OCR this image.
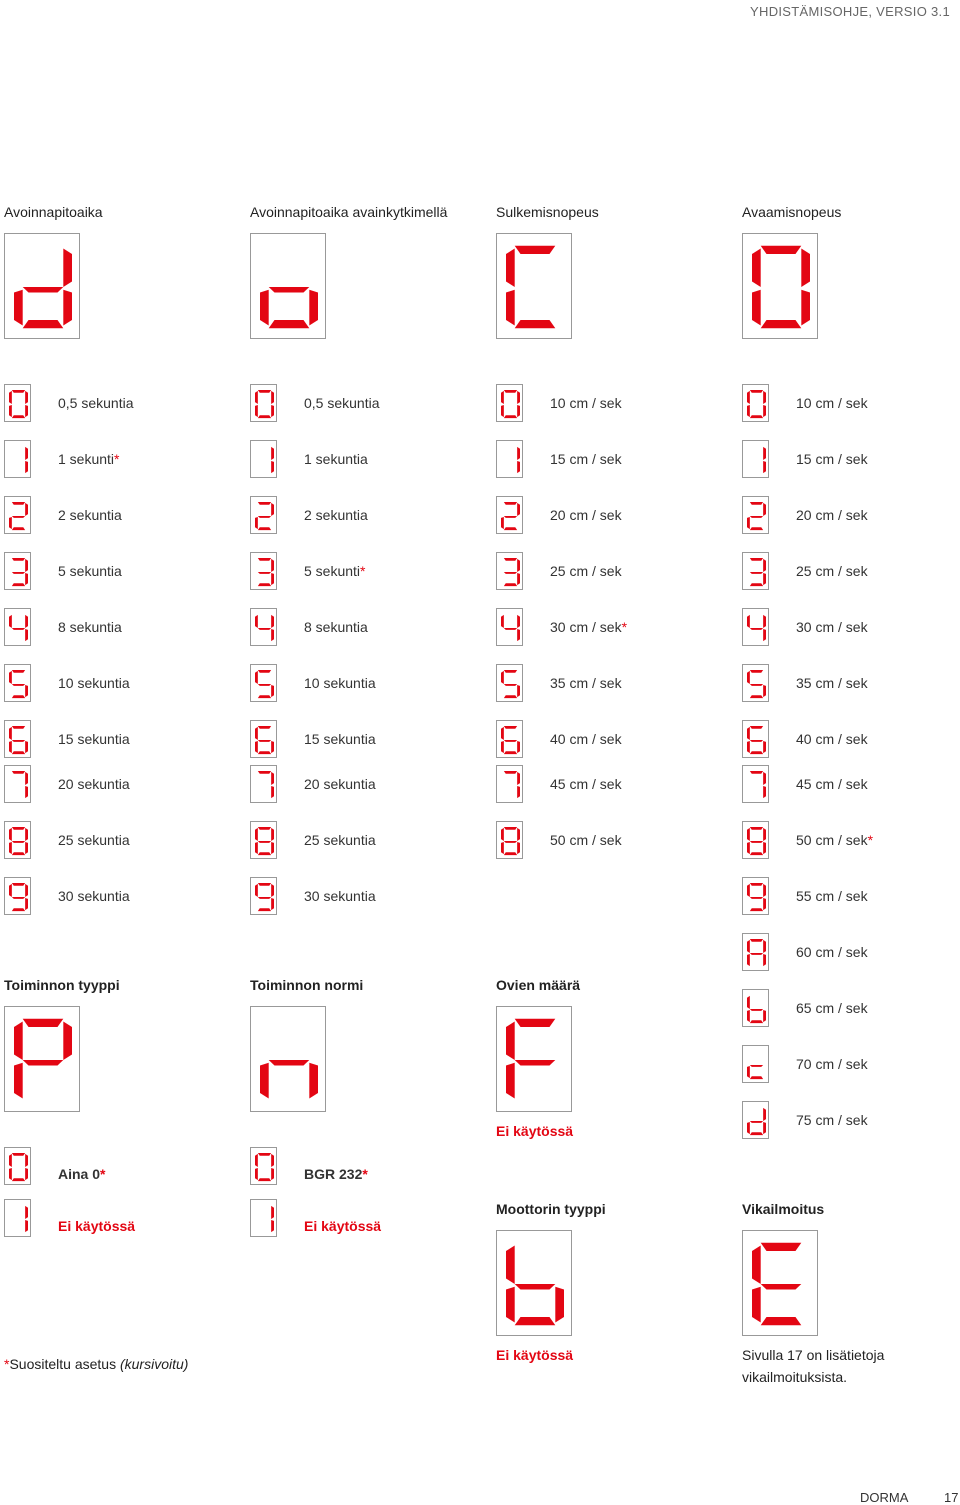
YHDISTÄMISOHJE, VERSIO 3.1
Avoinnapitoaika
0,5 sekuntia
1 sekunti*
2 sekuntia
5 sekuntia
8 sekuntia
10 sekuntia
15 sekuntia
20 sekuntia
25 sekuntia
30 sekuntia
Avoinnapitoaika avainkytkimellä
0,5 sekuntia
1 sekuntia
2 sekuntia
5 sekunti*
8 sekuntia
10 sekuntia
15 sekuntia
20 sekuntia
25 sekuntia
30 sekuntia
Sulkemisnopeus
10 cm / sek
15 cm / sek
20 cm / sek
25 cm / sek
30 cm / sek*
35 cm / sek
40 cm / sek
45 cm / sek
50 cm / sek
Avaamisnopeus
10 cm / sek
15 cm / sek
20 cm / sek
25 cm / sek
30 cm / sek
35 cm / sek
40 cm / sek
45 cm / sek
50 cm / sek*
55 cm / sek
60 cm / sek
65 cm / sek
70 cm / sek
75 cm / sek
Toiminnon tyyppi
Aina 0*
Ei käytössä
Toiminnon normi
BGR 232*
Ei käytössä
Ovien määrä
Ei käytössä
Moottorin tyyppi
Ei käytössä
Vikailmoitus
Sivulla 17 on lisätietoja
vikailmoituksista.
*Suositeltu asetus (kursivoitu)
DORMA	17
